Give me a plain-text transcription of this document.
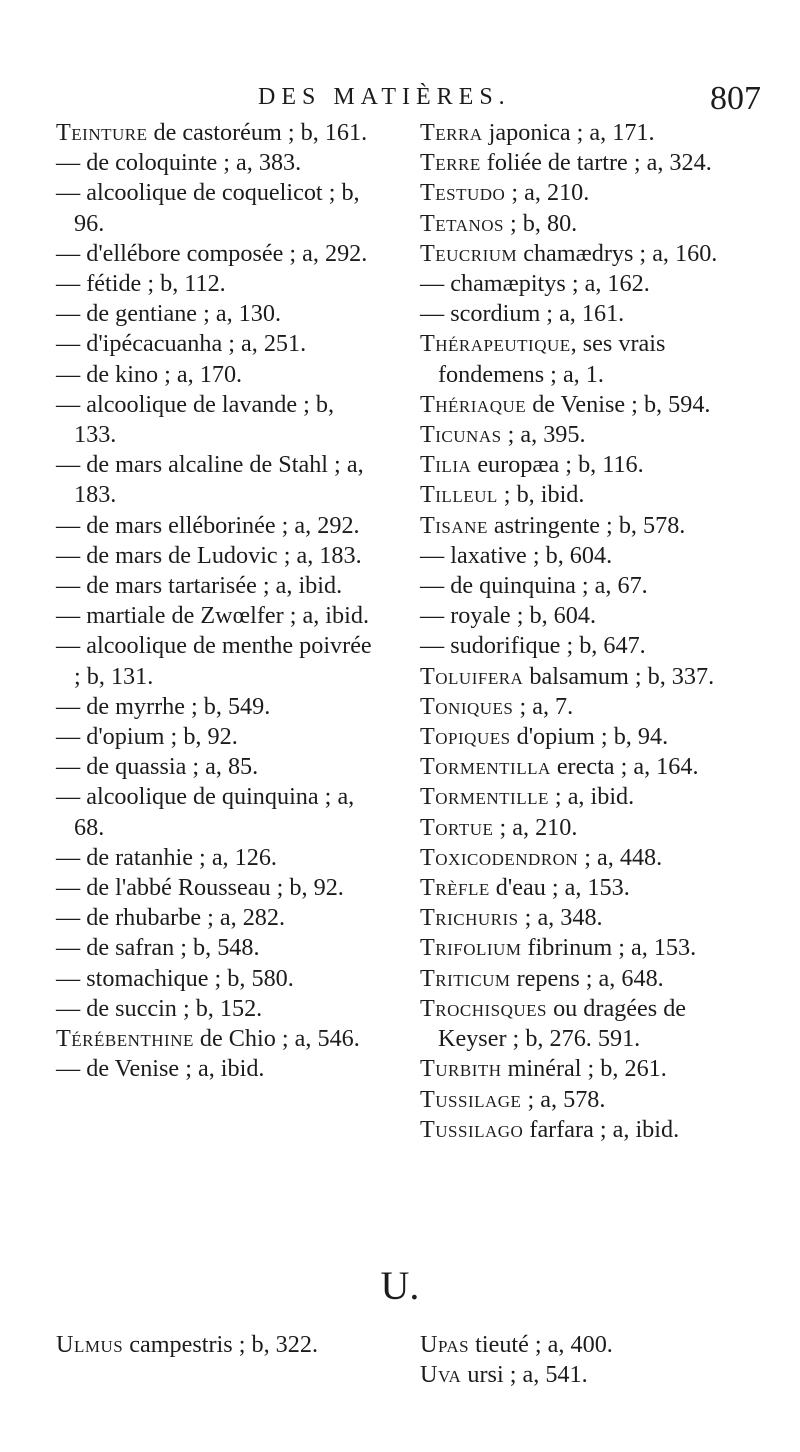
DES MATIÈRES.	807
Teinture de castoréum ; b, 161.
— de coloquinte ; a, 383.
— alcoolique de coquelicot ; b, 96.
— d'ellébore composée ; a, 292.
— fétide ; b, 112.
— de gentiane ; a, 130.
— d'ipécacuanha ; a, 251.
— de kino ; a, 170.
— alcoolique de lavande ; b, 133.
— de mars alcaline de Stahl ; a, 183.
— de mars elléborinée ; a, 292.
— de mars de Ludovic ; a, 183.
— de mars tartarisée ; a, ibid.
— martiale de Zwœlfer ; a, ibid.
— alcoolique de menthe poivrée ; b, 131.
— de myrrhe ; b, 549.
— d'opium ; b, 92.
— de quassia ; a, 85.
— alcoolique de quinquina ; a, 68.
— de ratanhie ; a, 126.
— de l'abbé Rousseau ; b, 92.
— de rhubarbe ; a, 282.
— de safran ; b, 548.
— stomachique ; b, 580.
— de succin ; b, 152.
Térébenthine de Chio ; a, 546.
— de Venise ; a, ibid.
Terra japonica ; a, 171.
Terre foliée de tartre ; a, 324.
Testudo ; a, 210.
Tetanos ; b, 80.
Teucrium chamædrys ; a, 160.
— chamæpitys ; a, 162.
— scordium ; a, 161.
Thérapeutique, ses vrais fondemens ; a, 1.
Thériaque de Venise ; b, 594.
Ticunas ; a, 395.
Tilia europæa ; b, 116.
Tilleul ; b, ibid.
Tisane astringente ; b, 578.
— laxative ; b, 604.
— de quinquina ; a, 67.
— royale ; b, 604.
— sudorifique ; b, 647.
Toluifera balsamum ; b, 337.
Toniques ; a, 7.
Topiques d'opium ; b, 94.
Tormentilla erecta ; a, 164.
Tormentille ; a, ibid.
Tortue ; a, 210.
Toxicodendron ; a, 448.
Trèfle d'eau ; a, 153.
Trichuris ; a, 348.
Trifolium fibrinum ; a, 153.
Triticum repens ; a, 648.
Trochisques ou dragées de Keyser ; b, 276. 591.
Turbith minéral ; b, 261.
Tussilage ; a, 578.
Tussilago farfara ; a, ibid.
U.
Ulmus campestris ; b, 322.	Upas tieuté ; a, 400.
Uva ursi ; a, 541.
